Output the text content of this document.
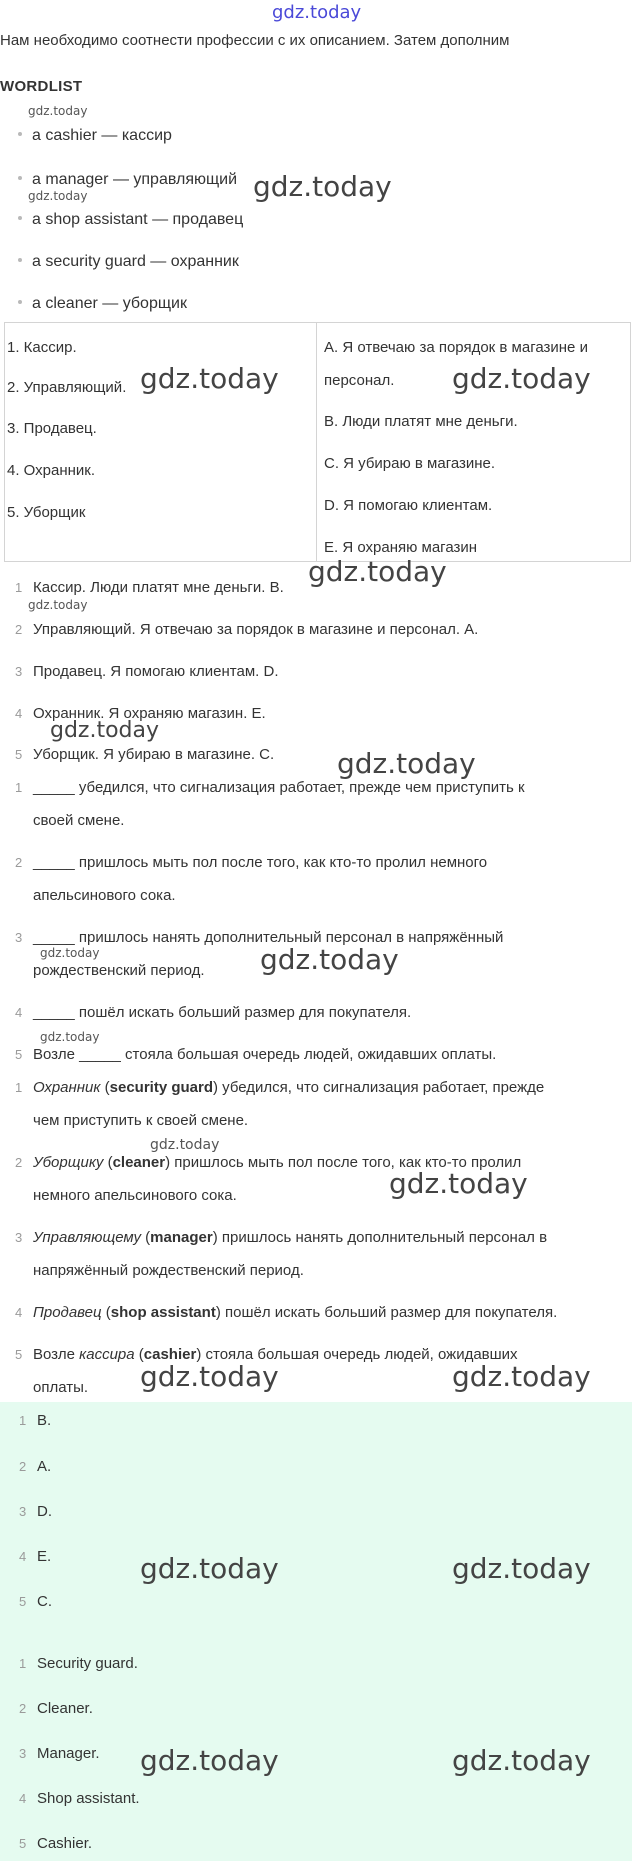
gdz.today
Нам необходимо соотнести профессии с их описанием. Затем дополним
WORDLIST
a cashier — кассир
a manager — управляющий
a shop assistant — продавец
a security guard — охранник
a cleaner — уборщик
1. Кассир.
2. Управляющий.
3. Продавец.
4. Охранник.
5. Уборщик
A. Я отвечаю за порядок в магазине и
персонал.
B. Люди платят мне деньги.
C. Я убираю в магазине.
D. Я помогаю клиентам.
E. Я охраняю магазин
1 Кассир. Люди платят мне деньги. B.
2 Управляющий. Я отвечаю за порядок в магазине и персонал. A.
3 Продавец. Я помогаю клиентам. D.
4 Охранник. Я охраняю магазин. E.
5 Уборщик. Я убираю в магазине. C.
1 _____ убедился, что сигнализация работает, прежде чем приступить к
своей смене.
2 _____ пришлось мыть пол после того, как кто-то пролил немного
апельсинового сока.
3 _____ пришлось нанять дополнительный персонал в напряжённый
рождественский период.
4 _____ пошёл искать больший размер для покупателя.
5 Возле _____ стояла большая очередь людей, ожидавших оплаты.
1 Охранник (security guard) убедился, что сигнализация работает, прежде
чем приступить к своей смене.
2 Уборщику (cleaner) пришлось мыть пол после того, как кто-то пролил
немного апельсинового сока.
3 Управляющему (manager) пришлось нанять дополнительный персонал в
напряжённый рождественский период.
4 Продавец (shop assistant) пошёл искать больший размер для покупателя.
5 Возле кассира (cashier) стояла большая очередь людей, ожидавших
оплаты.
1 B.
2 A.
3 D.
4 E.
5 C.
1 Security guard.
2 Cleaner.
3 Manager.
4 Shop assistant.
5 Cashier.
gdz.today
gdz.today	gdz.today
gdz.today	gdz.today
gdz.today
gdz.today
gdz.today
gdz.today
gdz.today	gdz.today
gdz.today
gdz.today
gdz.today
gdz.today	gdz.today
gdz.today	gdz.today
gdz.today	gdz.today
